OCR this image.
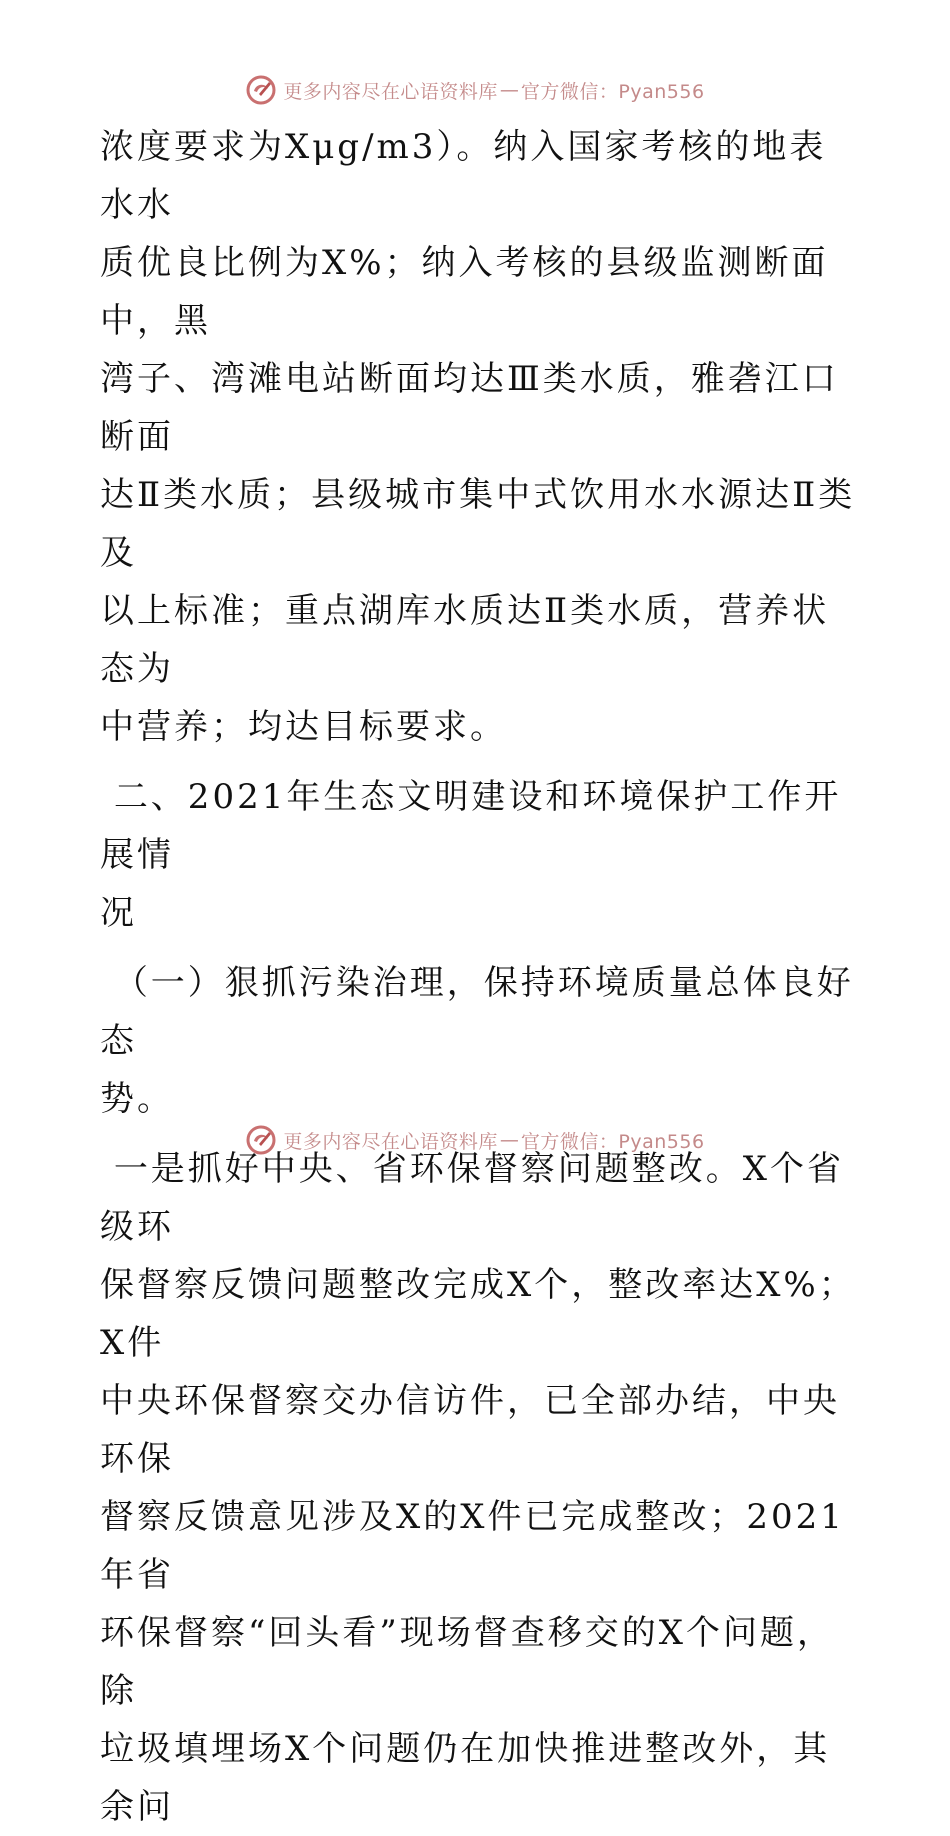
更多内容尽在心语资料库 — 官方微信：Pyan556

浓度要求为Xμg/m3）。纳入国家考核的地表水水
质优良比例为X%；纳入考核的县级监测断面中，黑
湾子、湾滩电站断面均达Ⅲ类水质，雅砻江口断面
达Ⅱ类水质；县级城市集中式饮用水水源达Ⅱ类及
以上标准；重点湖库水质达Ⅱ类水质，营养状态为
中营养；均达目标要求。

二、2021年生态文明建设和环境保护工作开展情
况

（一）狠抓污染治理，保持环境质量总体良好态
势。

一是抓好中央、省环保督察问题整改。X个省级环
保督察反馈问题整改完成X个，整改率达X%；X件
中央环保督察交办信访件，已全部办结，中央环保
督察反馈意见涉及X的X件已完成整改；2021年省
环保督察“回头看”现场督查移交的X个问题，除
垃圾填埋场X个问题仍在加快推进整改外，其余问

更多内容尽在心语资料库 — 官方微信：Pyan556
